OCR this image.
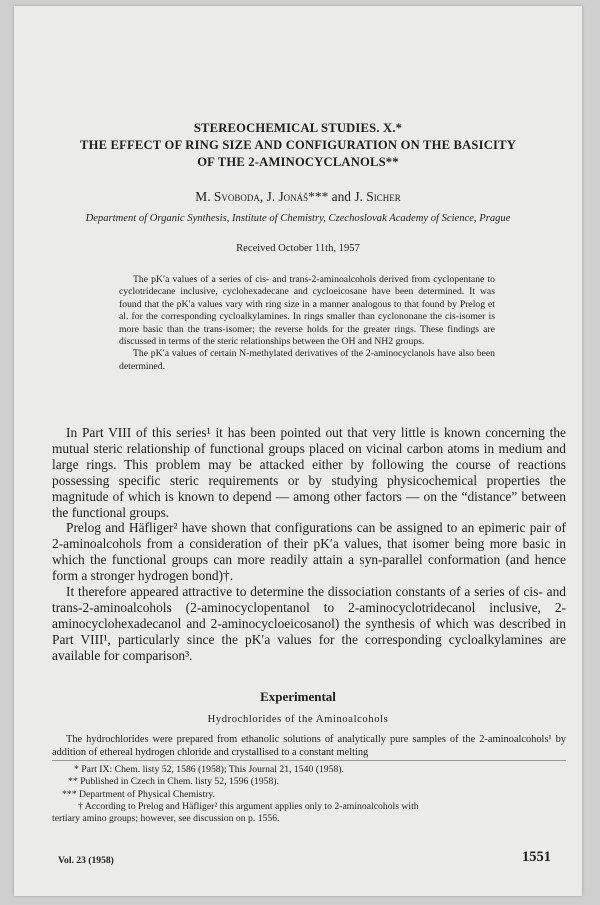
STEREOCHEMICAL STUDIES. X.*
THE EFFECT OF RING SIZE AND CONFIGURATION ON THE BASICITY
OF THE 2-AMINOCYCLANOLS**
M. Svoboda, J. Jonáš*** and J. Sicher
Department of Organic Synthesis, Institute of Chemistry, Czechoslovak Academy of Science, Prague
Received October 11th, 1957

The pK′a values of a series of cis- and trans-2-aminoalcohols derived from cyclopentane to cyclotridecane inclusive, cyclohexadecane and cycloeicosane have been determined. It was found that the pK′a values vary with ring size in a manner analogous to that found by Prelog et al. for the corresponding cycloalkylamines. In rings smaller than cyclononane the cis-isomer is more basic than the trans-isomer; the reverse holds for the greater rings. These findings are discussed in terms of the steric relationships between the OH and NH2 groups.

The pK′a values of certain N-methylated derivatives of the 2-aminocyclanols have also been determined.

In Part VIII of this series¹ it has been pointed out that very little is known concerning the mutual steric relationship of functional groups placed on vicinal carbon atoms in medium and large rings. This problem may be attacked either by following the course of reactions possessing specific steric requirements or by studying physicochemical properties the magnitude of which is known to depend — among other factors — on the “distance” between the functional groups.

Prelog and Häfliger² have shown that configurations can be assigned to an epimeric pair of 2-aminoalcohols from a consideration of their pK′a values, that isomer being more basic in which the functional groups can more readily attain a syn-parallel conformation (and hence form a stronger hydrogen bond)†.

It therefore appeared attractive to determine the dissociation constants of a series of cis- and trans-2-aminoalcohols (2-aminocyclopentanol to 2-aminocyclotridecanol inclusive, 2-aminocyclohexadecanol and 2-aminocycloeicosanol) the synthesis of which was described in Part VIII¹, particularly since the pK′a values for the corresponding cycloalkylamines are available for comparison³.

Experimental
Hydrochlorides of the Aminoalcohols

The hydrochlorides were prepared from ethanolic solutions of analytically pure samples of the 2-aminoalcohols¹ by addition of ethereal hydrogen chloride and crystallised to a constant melting

* Part IX: Chem. listy 52, 1586 (1958); This Journal 21, 1540 (1958).

** Published in Czech in Chem. listy 52, 1596 (1958).

*** Department of Physical Chemistry.

† According to Prelog and Häfliger² this argument applies only to 2-aminoalcohols with

tertiary amino groups; however, see discussion on p. 1556.

Vol. 23 (1958)	1551
